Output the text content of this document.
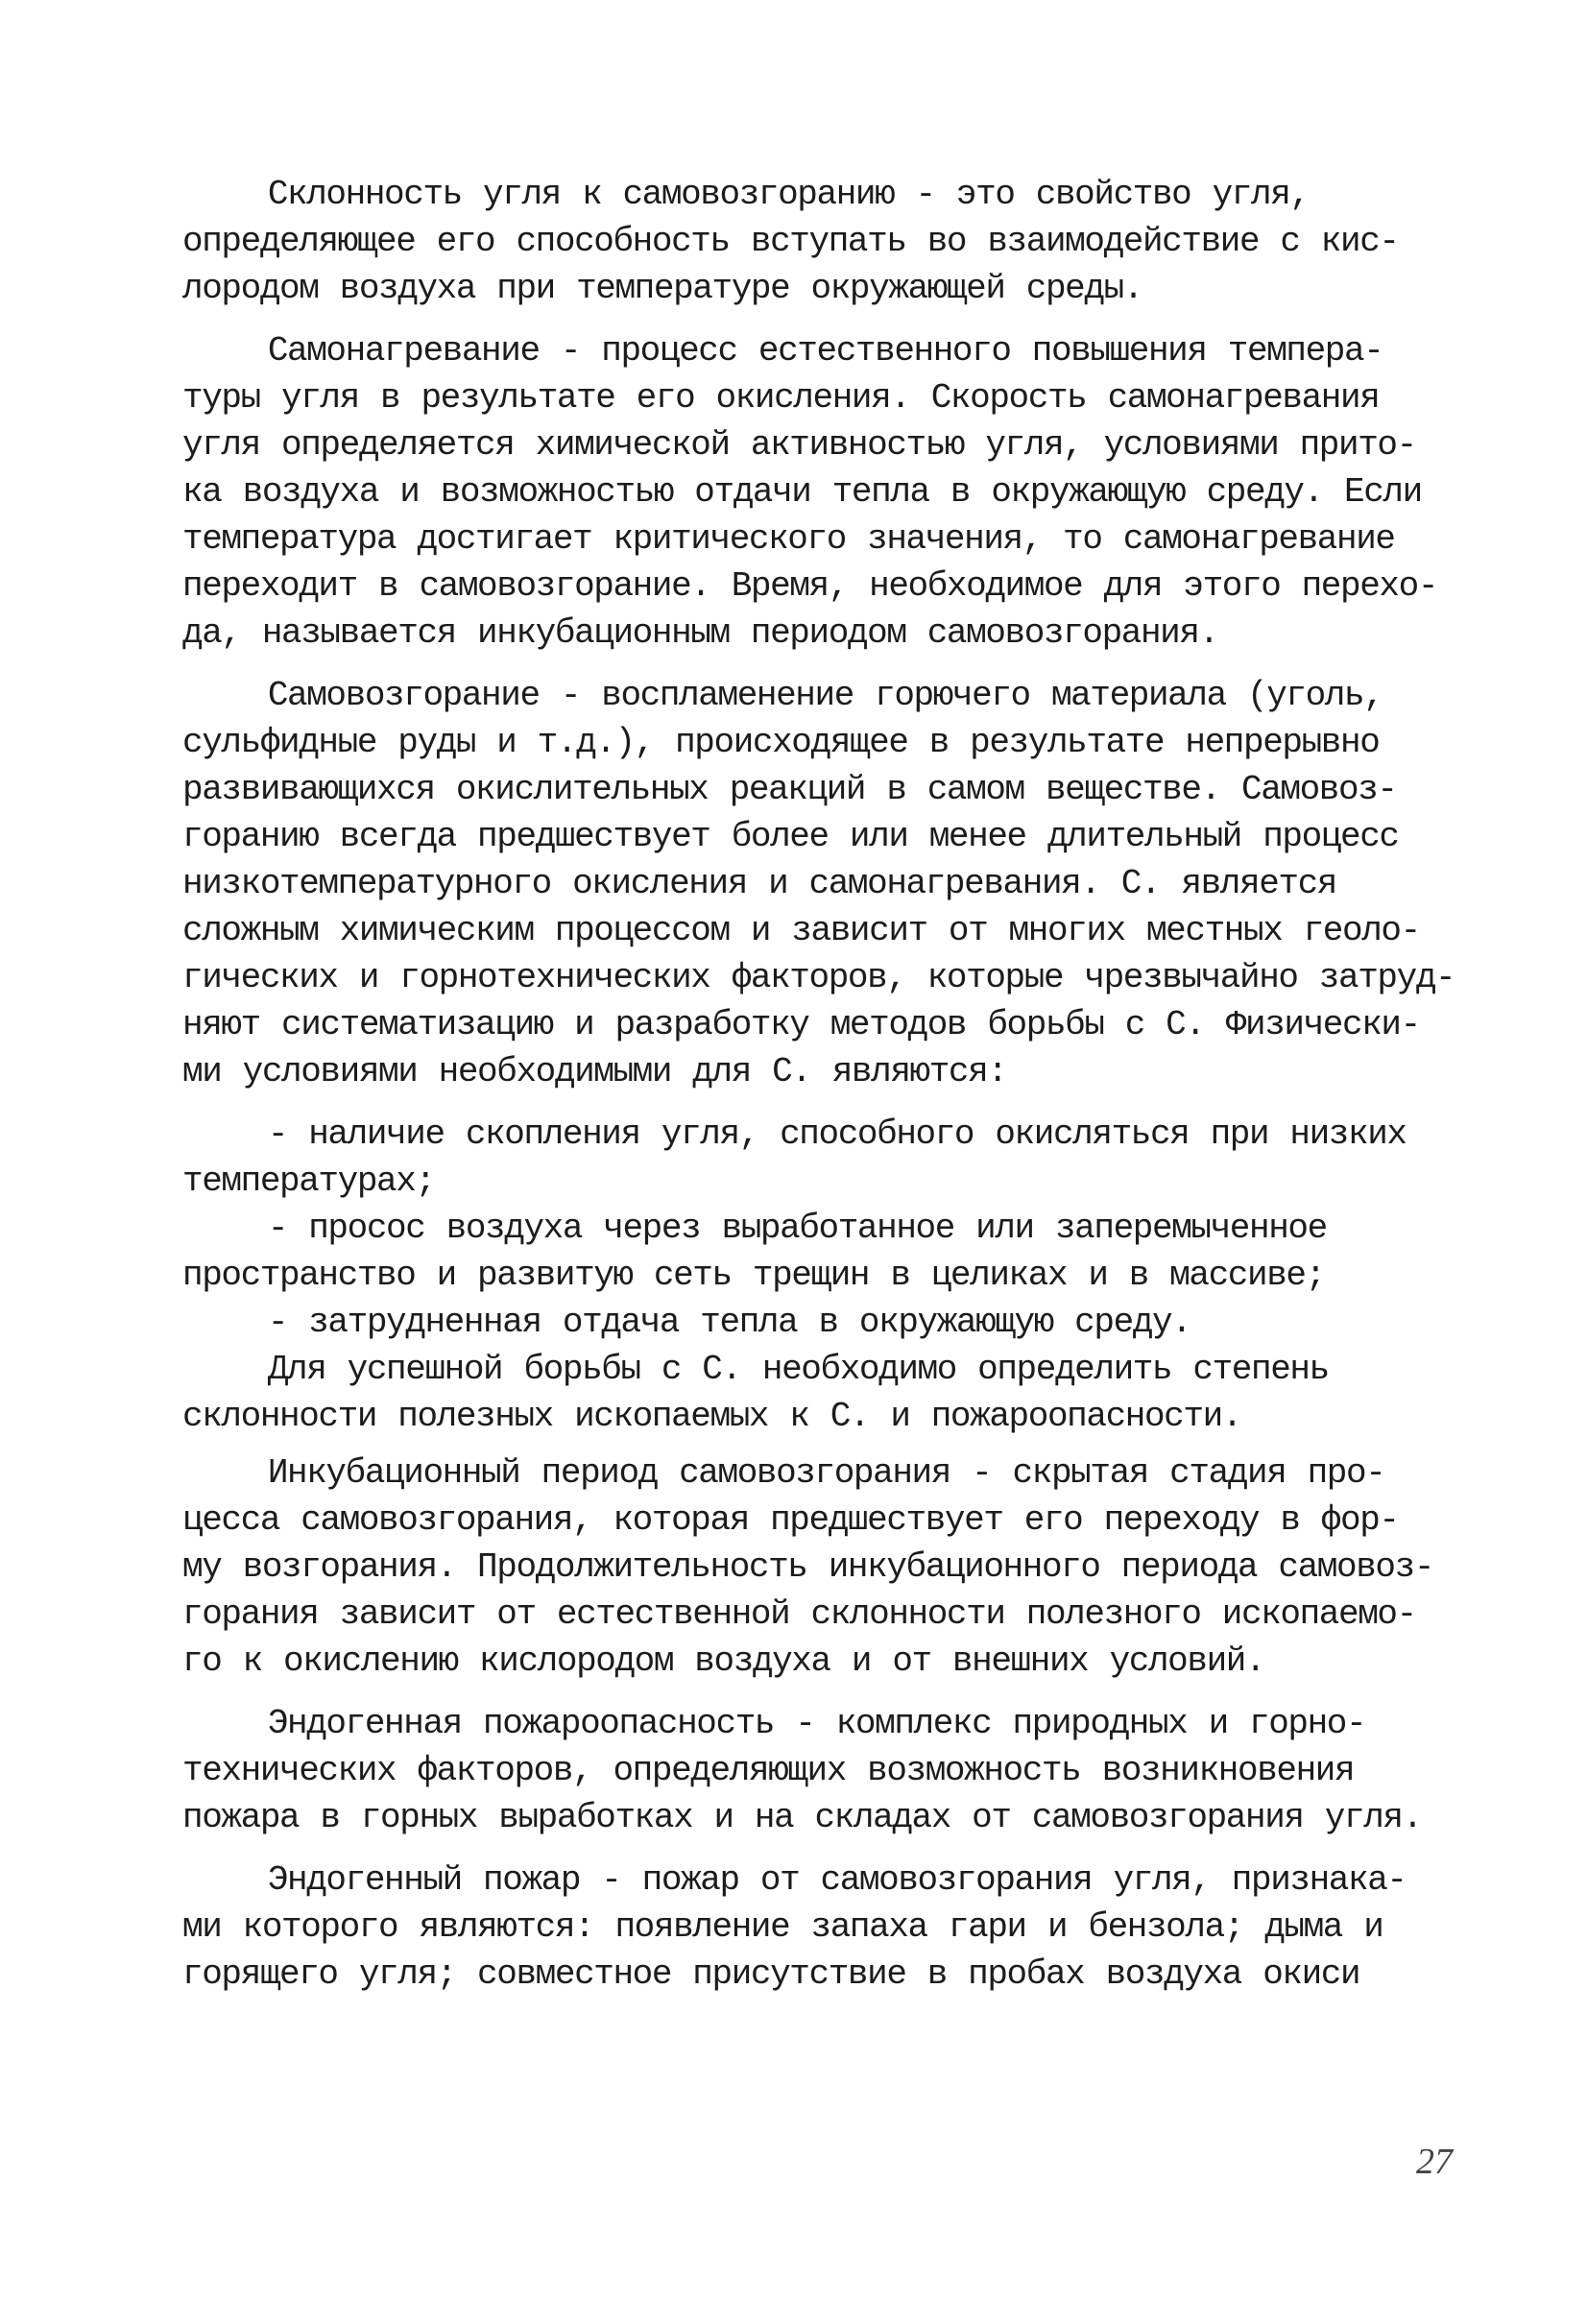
Склонность угля к самовозгоранию - это свойство угля,
определяющее его способность вступать во взаимодействие с кис-
лородом воздуха при температуре окружающей среды.
Самонагревание - процесс естественного повышения темпера-
туры угля в результате его окисления. Скорость самонагревания
угля определяется химической активностью угля, условиями прито-
ка воздуха и возможностью отдачи тепла в окружающую среду. Если
температура достигает критического значения, то самонагревание
переходит в самовозгорание. Время, необходимое для этого перехо-
да, называется инкубационным периодом самовозгорания.
Самовозгорание - воспламенение горючего материала (уголь,
сульфидные руды и т.д.), происходящее в результате непрерывно
развивающихся окислительных реакций в самом веществе. Самовоз-
горанию всегда предшествует более или менее длительный процесс
низкотемпературного окисления и самонагревания. С. является
сложным химическим процессом и зависит от многих местных геоло-
гических и горнотехнических факторов, которые чрезвычайно затруд-
няют систематизацию и разработку методов борьбы с С. Физически-
ми условиями необходимыми для С. являются:
- наличие скопления угля, способного окисляться при низких
температурах;
- просос воздуха через выработанное или заперемыченное
пространство и развитую сеть трещин в целиках и в массиве;
- затрудненная отдача тепла в окружающую среду.
Для успешной борьбы с С. необходимо определить степень
склонности полезных ископаемых к С. и пожароопасности.
Инкубационный период самовозгорания - скрытая стадия про-
цесса самовозгорания, которая предшествует его переходу в фор-
му возгорания. Продолжительность инкубационного периода самовоз-
горания зависит от естественной склонности полезного ископаемо-
го к окислению кислородом воздуха и от внешних условий.
Эндогенная пожароопасность - комплекс природных и горно-
технических факторов, определяющих возможность возникновения
пожара в горных выработках и на складах от самовозгорания угля.
Эндогенный пожар - пожар от самовозгорания угля, признака-
ми которого являются: появление запаха гари и бензола; дыма и
горящего угля; совместное присутствие в пробах воздуха окиси
27
